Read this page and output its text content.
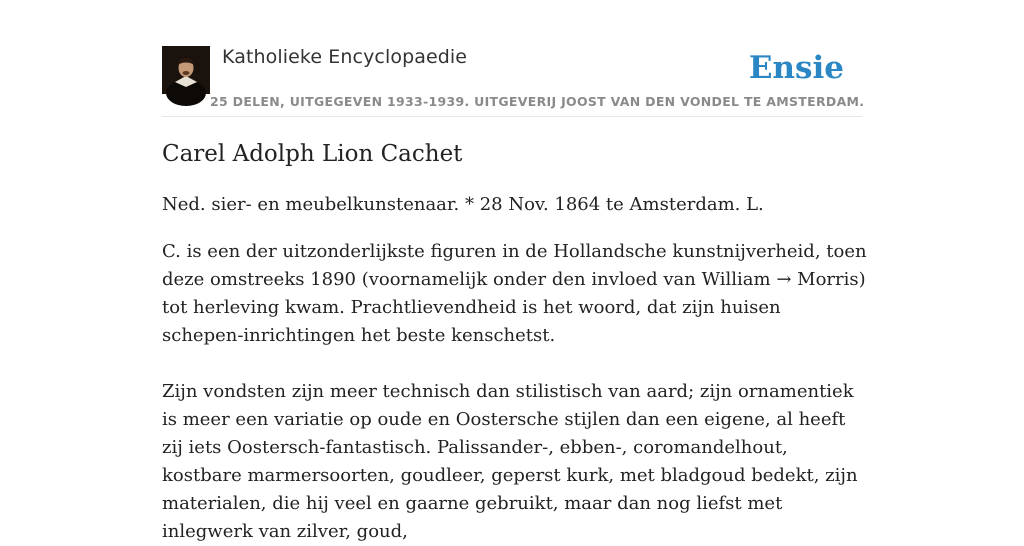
Katholieke Encyclopaedie
25 DELEN, UITGEGEVEN 1933-1939. UITGEVERIJ JOOST VAN DEN VONDEL TE AMSTERDAM.
Ensie
Carel Adolph Lion Cachet

Ned. sier- en meubelkunstenaar. * 28 Nov. 1864 te Amsterdam. L.

C. is een der uitzonderlijkste figuren in de Hollandsche kunstnijverheid, toen deze omstreeks 1890 (voornamelijk onder den invloed van William → Morris) tot herleving kwam. Prachtlievendheid is het woord, dat zijn huisen schepen-inrichtingen het beste kenschetst.

Zijn vondsten zijn meer technisch dan stilistisch van aard; zijn ornamentiek is meer een variatie op oude en Oostersche stijlen dan een eigene, al heeft zij iets Oostersch-fantastisch. Palissander-, ebben-, coromandelhout, kostbare marmersoorten, goudleer, geperst kurk, met bladgoud bedekt, zijn materialen, die hij veel en gaarne gebruikt, maar dan nog liefst met inlegwerk van zilver, goud,
